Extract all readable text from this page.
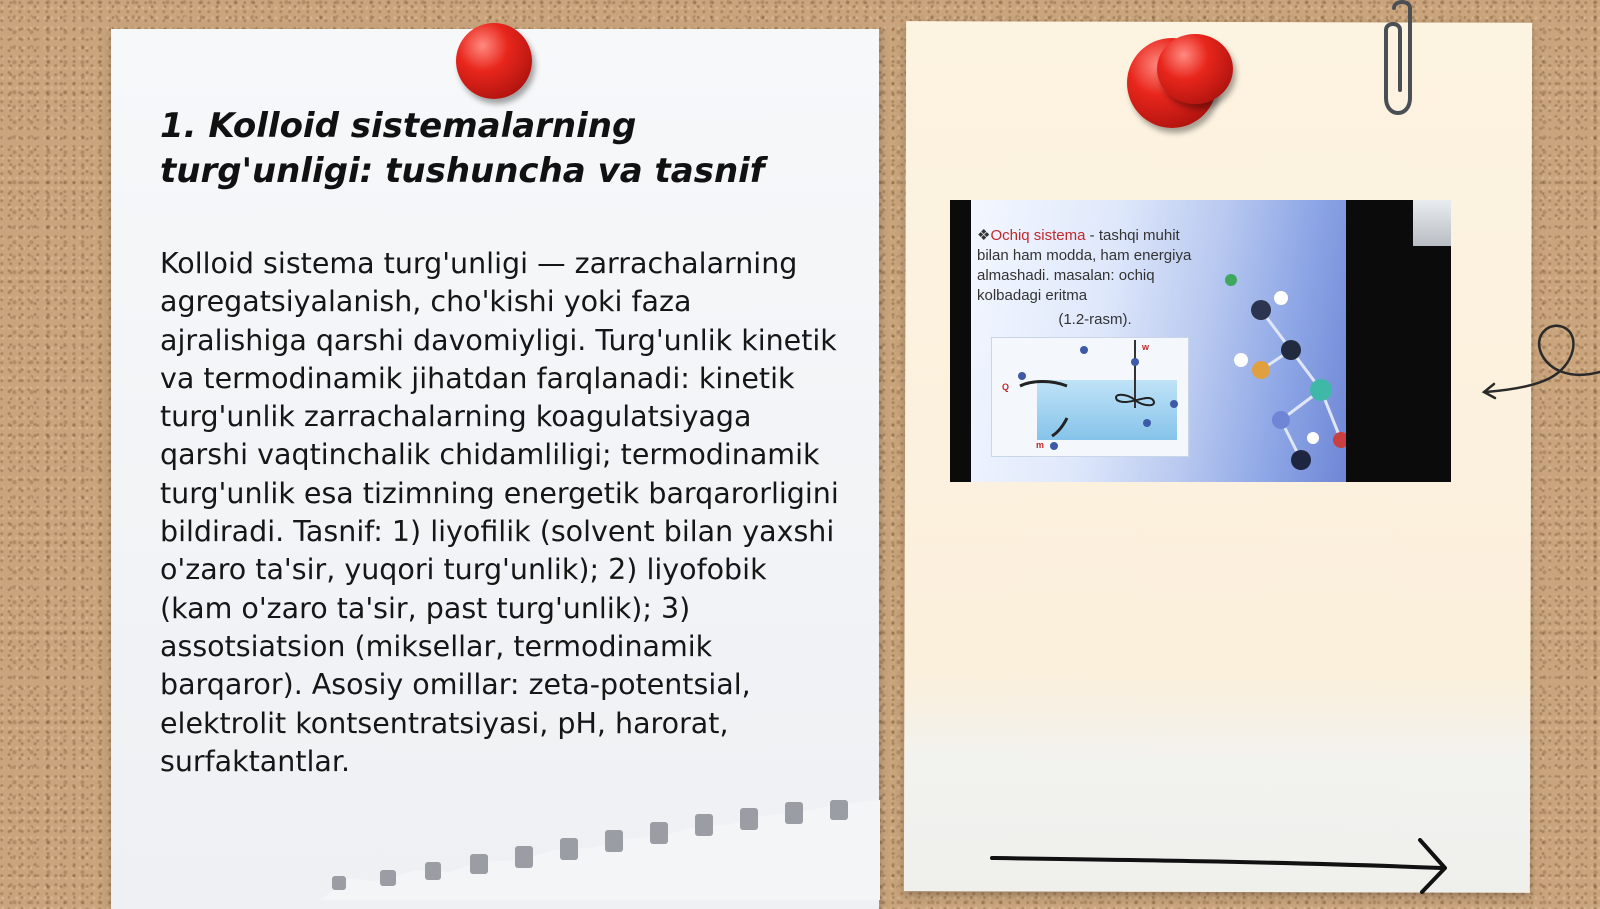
1. Kolloid sistemalarning turg'unligi: tushuncha va tasnif

Kolloid sistema turg'unligi — zarrachalarning agregatsiyalanish, cho'kishi yoki faza ajralishiga qarshi davomiyligi. Turg'unlik kinetik va termodinamik jihatdan farqlanadi: kinetik turg'unlik zarrachalarning koagulatsiyaga qarshi vaqtinchalik chidamliligi; termodinamik turg'unlik esa tizimning energetik barqarorligini bildiradi. Tasnif: 1) liyofilik (solvent bilan yaxshi o'zaro ta'sir, yuqori turg'unlik); 2) liyofobik (kam o'zaro ta'sir, past turg'unlik); 3) assotsiatsion (miksellar, termodinamik barqaror). Asosiy omillar: zeta-potentsial, elektrolit kontsentratsiyasi, pH, harorat, surfaktantlar.

❖Ochiq sistema - tashqi muhit bilan ham modda, ham energiya almashadi. masalan: ochiq kolbadagi eritma
(1.2-rasm).
w
Q
m
